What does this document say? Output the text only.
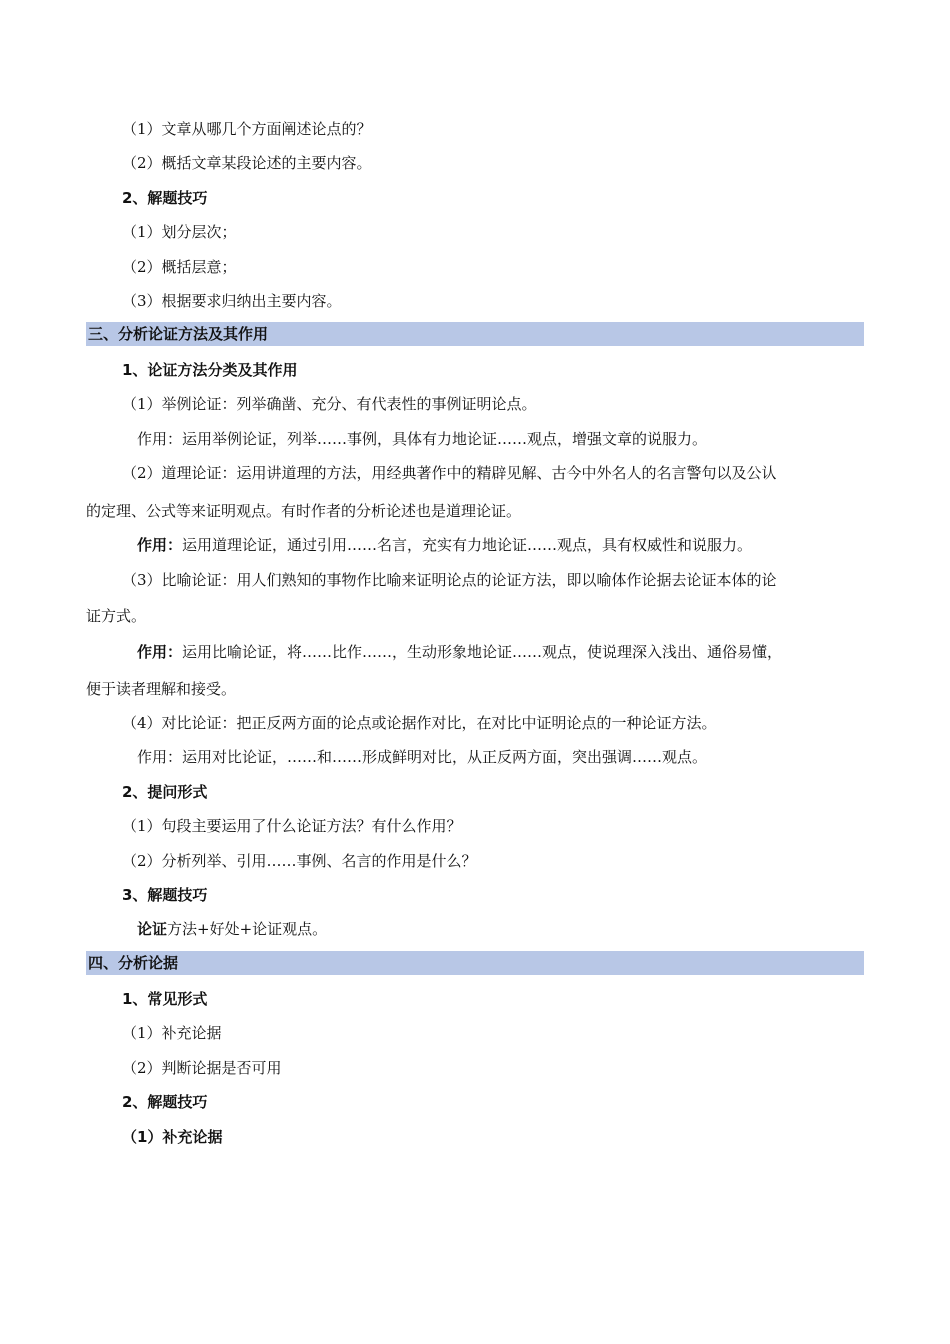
（1）文章从哪几个方面阐述论点的？
（2）概括文章某段论述的主要内容。
2、解题技巧
（1）划分层次；
（2）概括层意；
（3）根据要求归纳出主要内容。
三、分析论证方法及其作用
1、论证方法分类及其作用
（1）举例论证：列举确凿、充分、有代表性的事例证明论点。
作用：运用举例论证，列举……事例，具体有力地论证……观点，增强文章的说服力。
（2）道理论证：运用讲道理的方法，用经典著作中的精辟见解、古今中外名人的名言警句以及公认
的定理、公式等来证明观点。有时作者的分析论述也是道理论证。
作用：运用道理论证，通过引用……名言，充实有力地论证……观点，具有权威性和说服力。
（3）比喻论证：用人们熟知的事物作比喻来证明论点的论证方法，即以喻体作论据去论证本体的论
证方式。
作用：运用比喻论证，将……比作……，生动形象地论证……观点，使说理深入浅出、通俗易懂，
便于读者理解和接受。
（4）对比论证：把正反两方面的论点或论据作对比，在对比中证明论点的一种论证方法。
作用：运用对比论证，……和……形成鲜明对比，从正反两方面，突出强调……观点。
2、提问形式
（1）句段主要运用了什么论证方法？有什么作用？
（2）分析列举、引用……事例、名言的作用是什么？
3、解题技巧
论证方法+好处+论证观点。
四、分析论据
1、常见形式
（1）补充论据
（2）判断论据是否可用
2、解题技巧
（1）补充论据
